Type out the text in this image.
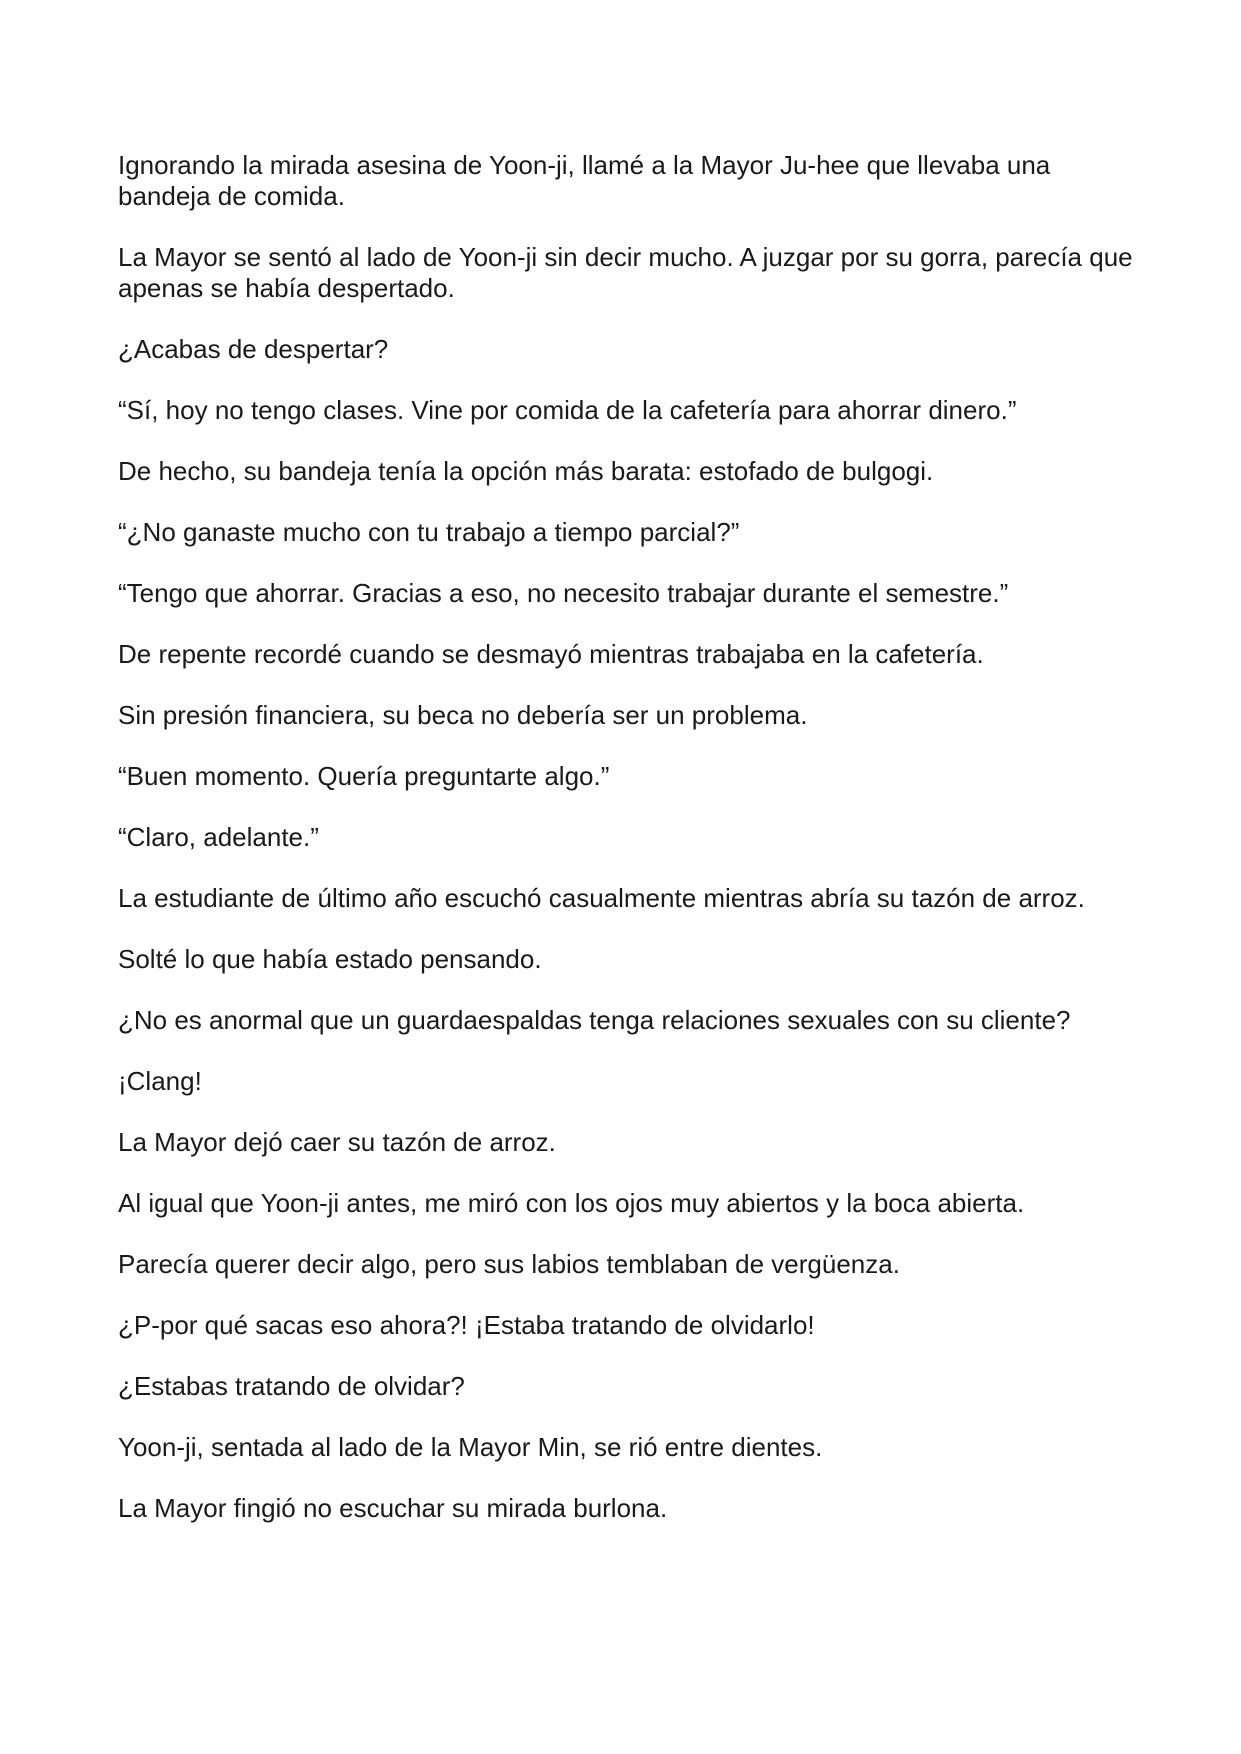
Ignorando la mirada asesina de Yoon-ji, llamé a la Mayor Ju-hee que llevaba una bandeja de comida.

La Mayor se sentó al lado de Yoon-ji sin decir mucho. A juzgar por su gorra, parecía que apenas se había despertado.

¿Acabas de despertar?

“Sí, hoy no tengo clases. Vine por comida de la cafetería para ahorrar dinero.”

De hecho, su bandeja tenía la opción más barata: estofado de bulgogi.

“¿No ganaste mucho con tu trabajo a tiempo parcial?”

“Tengo que ahorrar. Gracias a eso, no necesito trabajar durante el semestre.”

De repente recordé cuando se desmayó mientras trabajaba en la cafetería.

Sin presión financiera, su beca no debería ser un problema.

“Buen momento. Quería preguntarte algo.”

“Claro, adelante.”

La estudiante de último año escuchó casualmente mientras abría su tazón de arroz.

Solté lo que había estado pensando.

¿No es anormal que un guardaespaldas tenga relaciones sexuales con su cliente?

¡Clang!

La Mayor dejó caer su tazón de arroz.

Al igual que Yoon-ji antes, me miró con los ojos muy abiertos y la boca abierta.

Parecía querer decir algo, pero sus labios temblaban de vergüenza.

¿P-por qué sacas eso ahora?! ¡Estaba tratando de olvidarlo!

¿Estabas tratando de olvidar?

Yoon-ji, sentada al lado de la Mayor Min, se rió entre dientes.

La Mayor fingió no escuchar su mirada burlona.
